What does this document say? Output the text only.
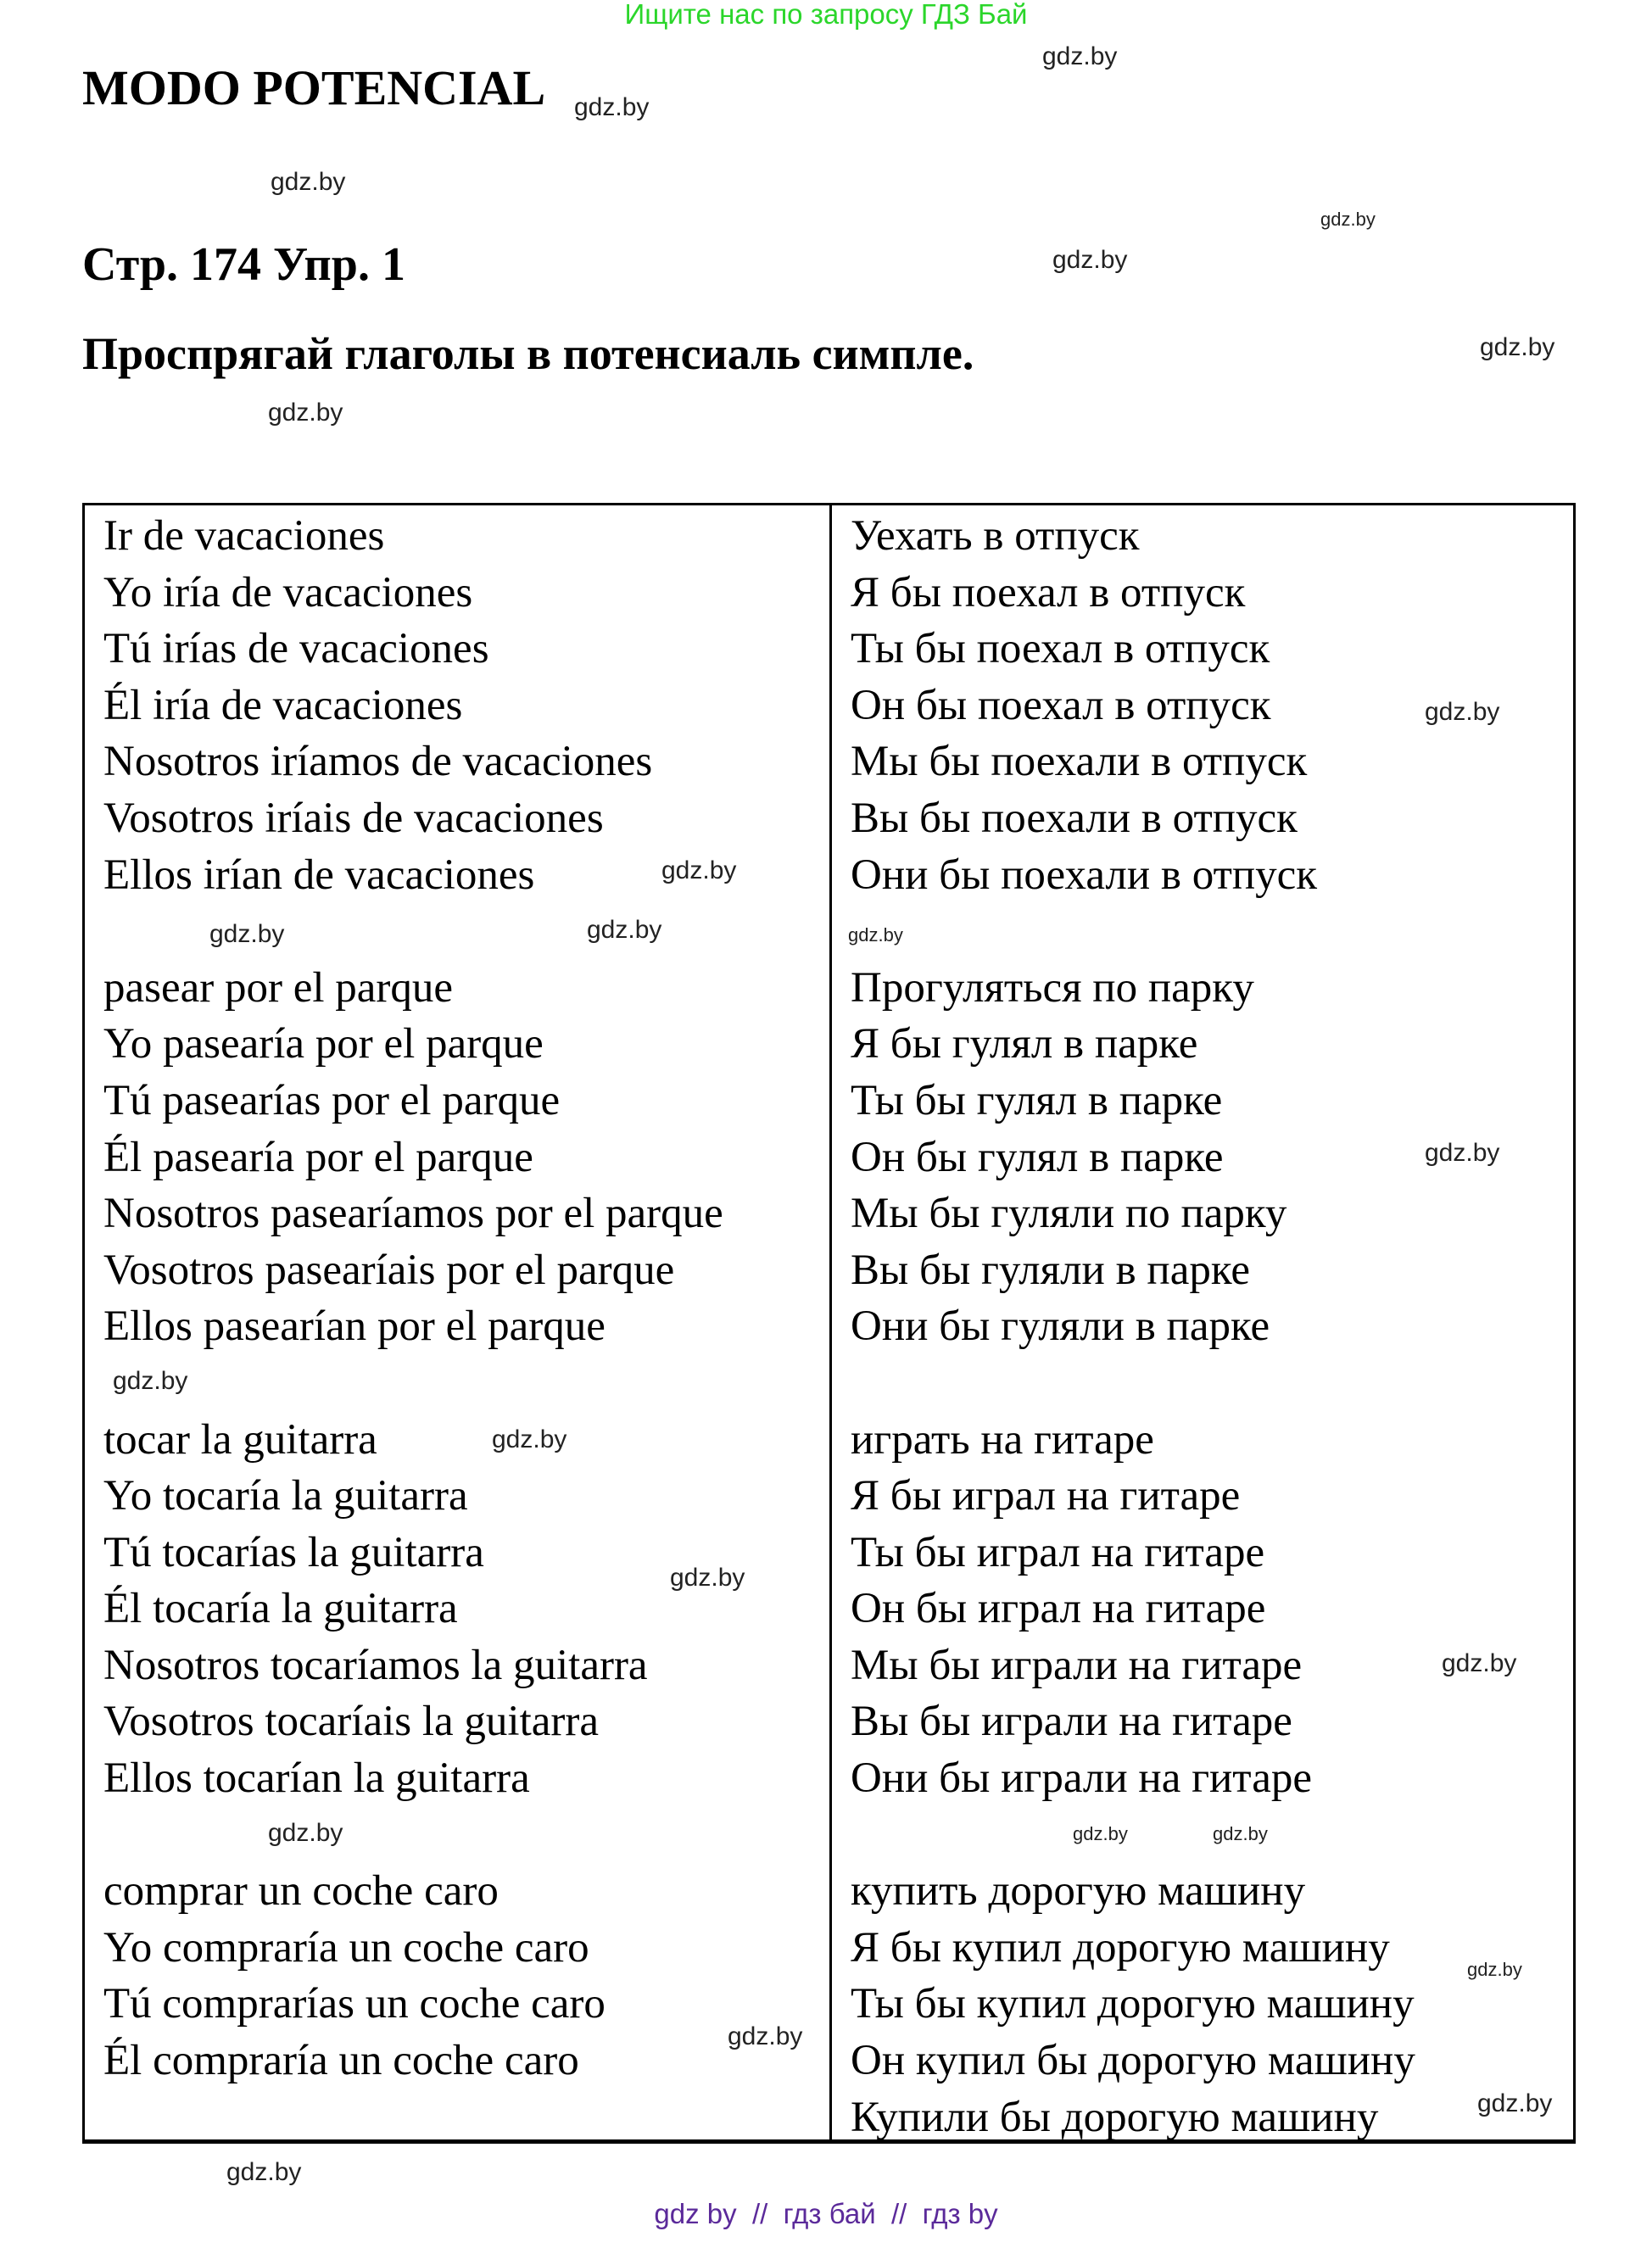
Ищите нас по запросу ГДЗ Бай
MODO POTENCIAL
Стр. 174 Упр. 1
Проспрягай глаголы в потенсиаль симпле.
Ir de vacaciones
Yo iría de vacaciones
Tú irías de vacaciones
Él iría de vacaciones
Nosotros iríamos de vacaciones
Vosotros iríais de vacaciones
Ellos irían de vacaciones
pasear por el parque
Yo pasearía por el parque
Tú pasearías por el parque
Él pasearía por el parque
Nosotros pasearíamos por el parque
Vosotros pasearíais por el parque
Ellos pasearían por el parque
tocar la guitarra
Yo tocaría la guitarra
Tú tocarías la guitarra
Él tocaría la guitarra
Nosotros tocaríamos la guitarra
Vosotros tocaríais la guitarra
Ellos tocarían la guitarra
comprar un coche caro
Yo compraría un coche caro
Tú comprarías un coche caro
Él compraría un coche caro
Уехать в отпуск
Я бы поехал в отпуск
Ты бы поехал в отпуск
Он бы поехал в отпуск
Мы бы поехали в отпуск
Вы бы поехали в отпуск
Они бы поехали в отпуск
Прогуляться по парку
Я бы гулял в парке
Ты бы гулял в парке
Он бы гулял в парке
Мы бы гуляли по парку
Вы бы гуляли в парке
Они бы гуляли в парке
играть на гитаре
Я бы играл на гитаре
Ты бы играл на гитаре
Он бы играл на гитаре
Мы бы играли на гитаре
Вы бы играли на гитаре
Они бы играли на гитаре
купить дорогую машину
Я бы купил дорогую машину
Ты бы купил дорогую машину
Он купил бы дорогую машину
Купили бы дорогую машину
gdz.by
gdz.by
gdz.by
gdz.by
gdz.by
gdz.by
gdz.by
gdz.by
gdz.by
gdz.by
gdz.by
gdz.by
gdz.by
gdz.by
gdz.by
gdz.by
gdz.by
gdz.by
gdz.by
gdz.by
gdz.by
gdz.by
gdz.by
gdz.by
gdz by  //  гдз бай  //  гдз by
